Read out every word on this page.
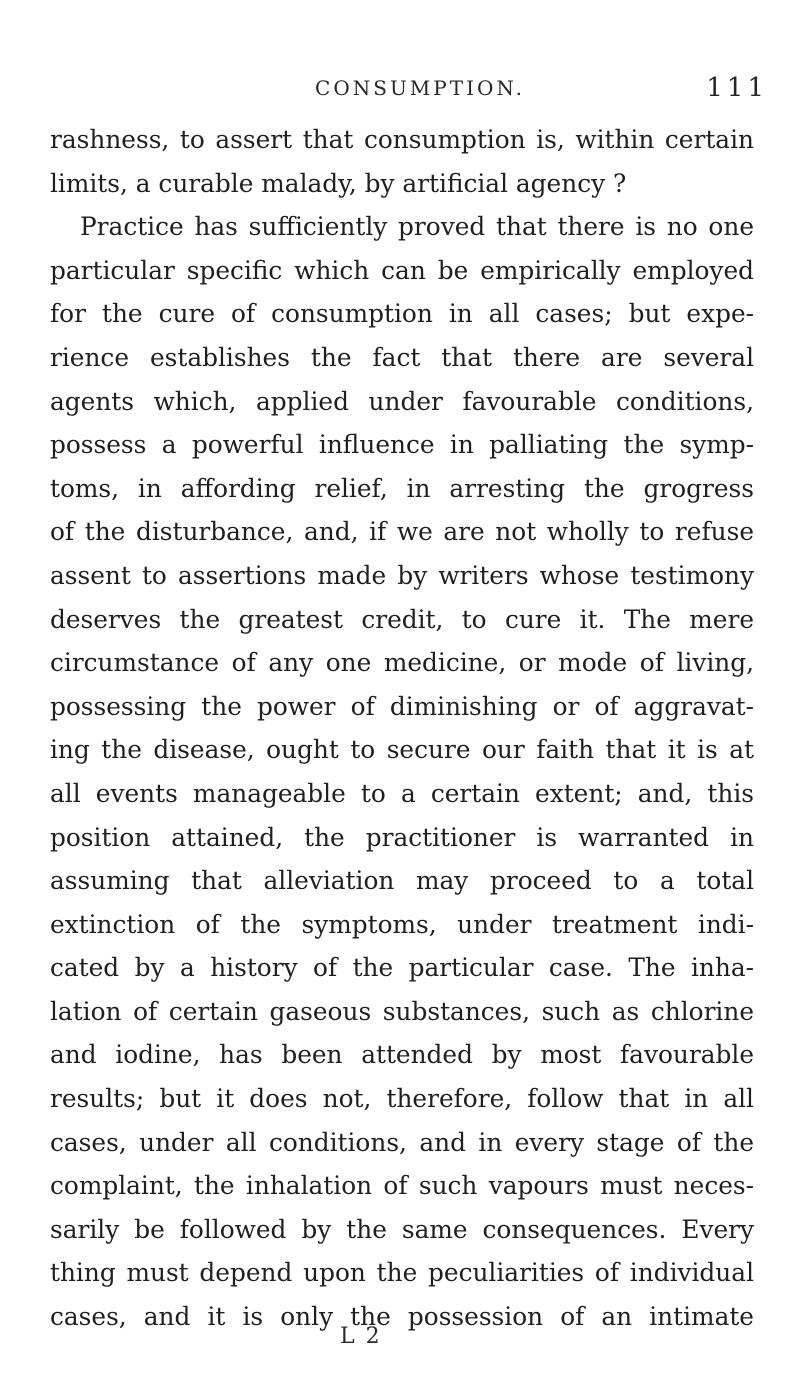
CONSUMPTION.	111
rashness, to assert that consumption is, within certain
limits, a curable malady, by artificial agency ?
Practice has sufficiently proved that there is no one
particular specific which can be empirically employed
for the cure of consumption in all cases; but expe-
rience establishes the fact that there are several
agents which, applied under favourable conditions,
possess a powerful influence in palliating the symp-
toms, in affording relief, in arresting the grogress
of the disturbance, and, if we are not wholly to refuse
assent to assertions made by writers whose testimony
deserves the greatest credit, to cure it. The mere
circumstance of any one medicine, or mode of living,
possessing the power of diminishing or of aggravat-
ing the disease, ought to secure our faith that it is at
all events manageable to a certain extent; and, this
position attained, the practitioner is warranted in
assuming that alleviation may proceed to a total
extinction of the symptoms, under treatment indi-
cated by a history of the particular case. The inha-
lation of certain gaseous substances, such as chlorine
and iodine, has been attended by most favourable
results; but it does not, therefore, follow that in all
cases, under all conditions, and in every stage of the
complaint, the inhalation of such vapours must neces-
sarily be followed by the same consequences. Every
thing must depend upon the peculiarities of individual
cases, and it is only the possession of an intimate
L 2
